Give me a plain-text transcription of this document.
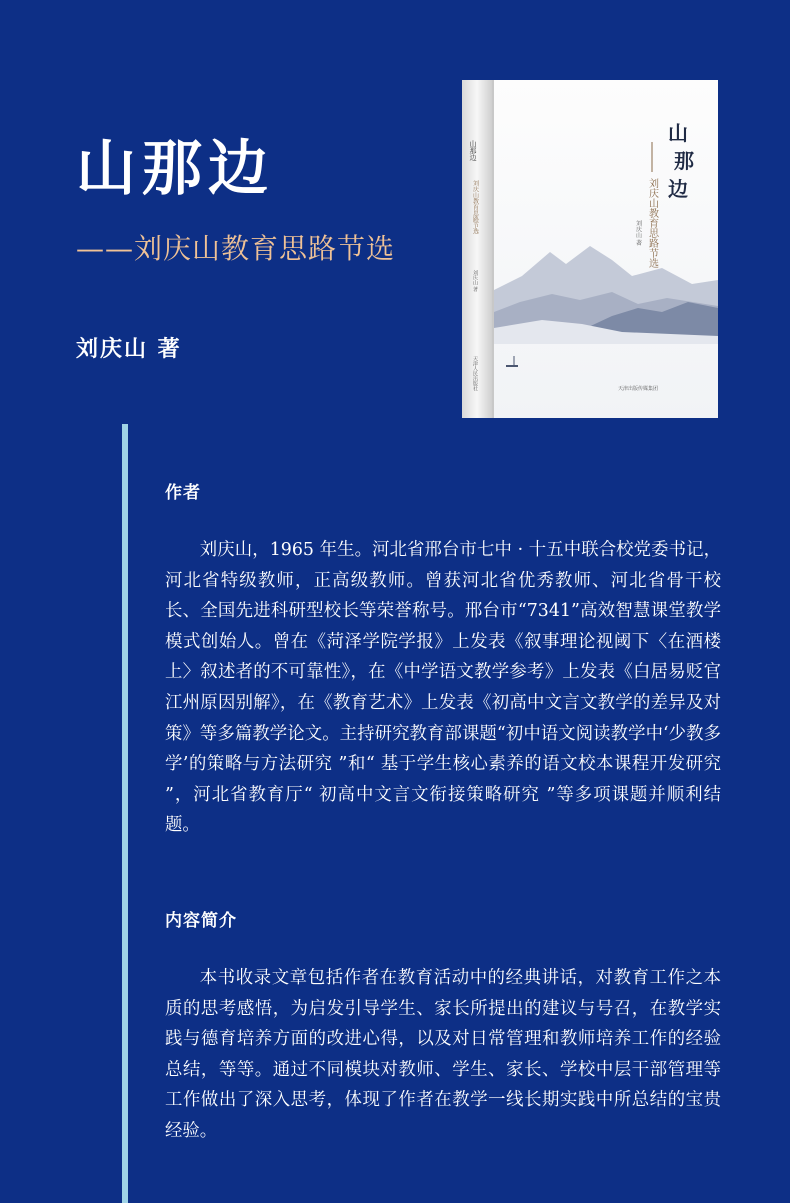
山那边
——刘庆山教育思路节选
刘庆山 著
山
那
边
刘庆山教育思路节选
刘庆山 著
天津出版传媒集团
山那边
刘庆山教育思路节选
刘庆山 著
天津人民出版社
作者

刘庆山，1965 年生。河北省邢台市七中 · 十五中联合校党委书记，河北省特级教师，正高级教师。曾获河北省优秀教师、河北省骨干校长、全国先进科研型校长等荣誉称号。邢台市“7341”高效智慧课堂教学模式创始人。曾在《菏泽学院学报》上发表《叙事理论视阈下〈在酒楼上〉叙述者的不可靠性》，在《中学语文教学参考》上发表《白居易贬官江州原因别解》，在《教育艺术》上发表《初高中文言文教学的差异及对策》等多篇教学论文。主持研究教育部课题“初中语文阅读教学中‘少教多学’的策略与方法研究 ”和“ 基于学生核心素养的语文校本课程开发研究 ”，河北省教育厅“ 初高中文言文衔接策略研究 ”等多项课题并顺利结题。

内容简介

本书收录文章包括作者在教育活动中的经典讲话，对教育工作之本质的思考感悟，为启发引导学生、家长所提出的建议与号召，在教学实践与德育培养方面的改进心得，以及对日常管理和教师培养工作的经验总结，等等。通过不同模块对教师、学生、家长、学校中层干部管理等工作做出了深入思考，体现了作者在教学一线长期实践中所总结的宝贵经验。
